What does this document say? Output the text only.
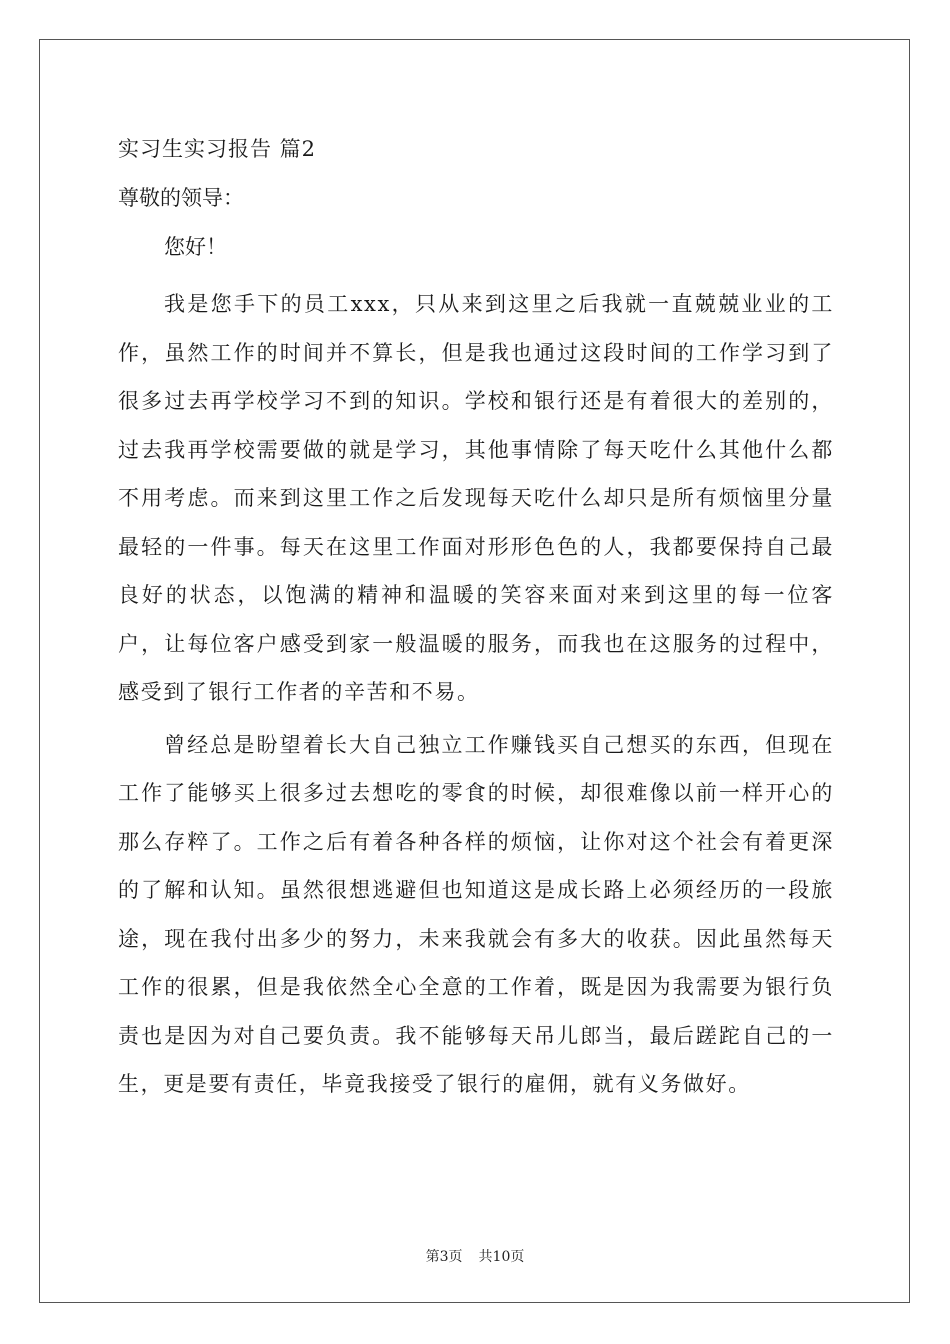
实习生实习报告 篇2

尊敬的领导：

您好！

我是您手下的员工xxx，只从来到这里之后我就一直兢兢业业的工作，虽然工作的时间并不算长，但是我也通过这段时间的工作学习到了很多过去再学校学习不到的知识。学校和银行还是有着很大的差别的，过去我再学校需要做的就是学习，其他事情除了每天吃什么其他什么都不用考虑。而来到这里工作之后发现每天吃什么却只是所有烦恼里分量最轻的一件事。每天在这里工作面对形形色色的人，我都要保持自己最良好的状态，以饱满的精神和温暖的笑容来面对来到这里的每一位客户，让每位客户感受到家一般温暖的服务，而我也在这服务的过程中，感受到了银行工作者的辛苦和不易。

曾经总是盼望着长大自己独立工作赚钱买自己想买的东西，但现在工作了能够买上很多过去想吃的零食的时候，却很难像以前一样开心的那么存粹了。工作之后有着各种各样的烦恼，让你对这个社会有着更深的了解和认知。虽然很想逃避但也知道这是成长路上必须经历的一段旅途，现在我付出多少的努力，未来我就会有多大的收获。因此虽然每天工作的很累，但是我依然全心全意的工作着，既是因为我需要为银行负责也是因为对自己要负责。我不能够每天吊儿郎当，最后蹉跎自己的一生，更是要有责任，毕竟我接受了银行的雇佣，就有义务做好。

第3页 共10页
